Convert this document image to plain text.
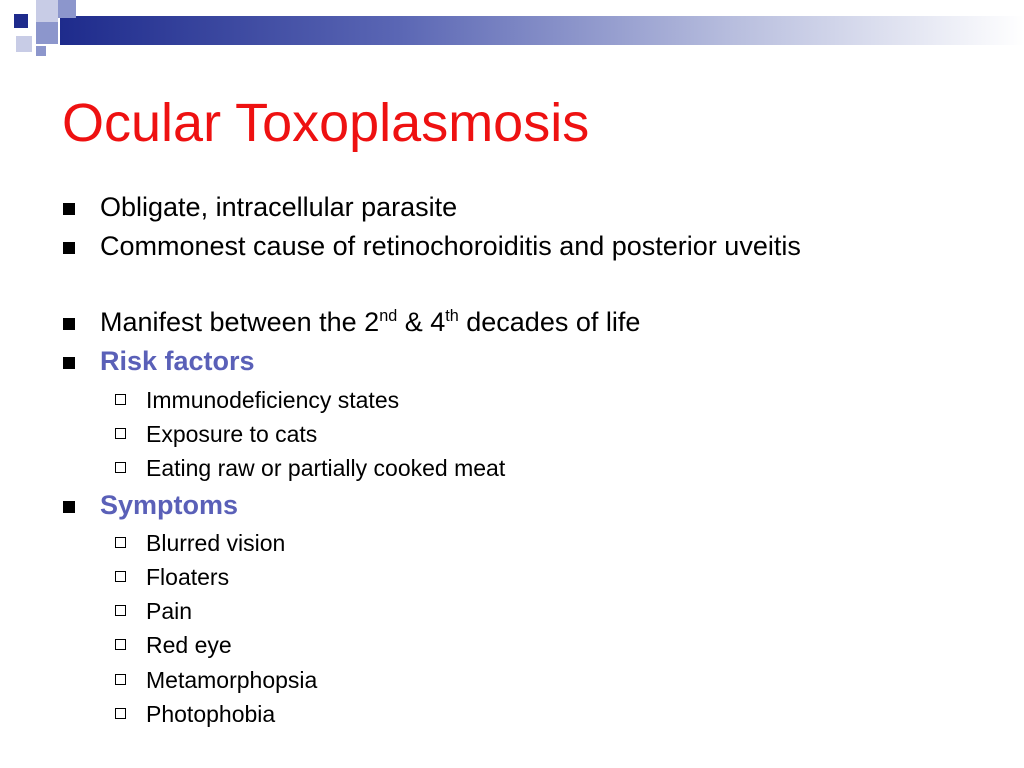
Ocular Toxoplasmosis
Obligate, intracellular parasite
Commonest cause of retinochoroiditis and posterior uveitis
Manifest between the 2nd & 4th decades of life
Risk factors
Immunodeficiency states
Exposure to cats
Eating raw or partially cooked meat
Symptoms
Blurred vision
Floaters
Pain
Red eye
Metamorphopsia
Photophobia
